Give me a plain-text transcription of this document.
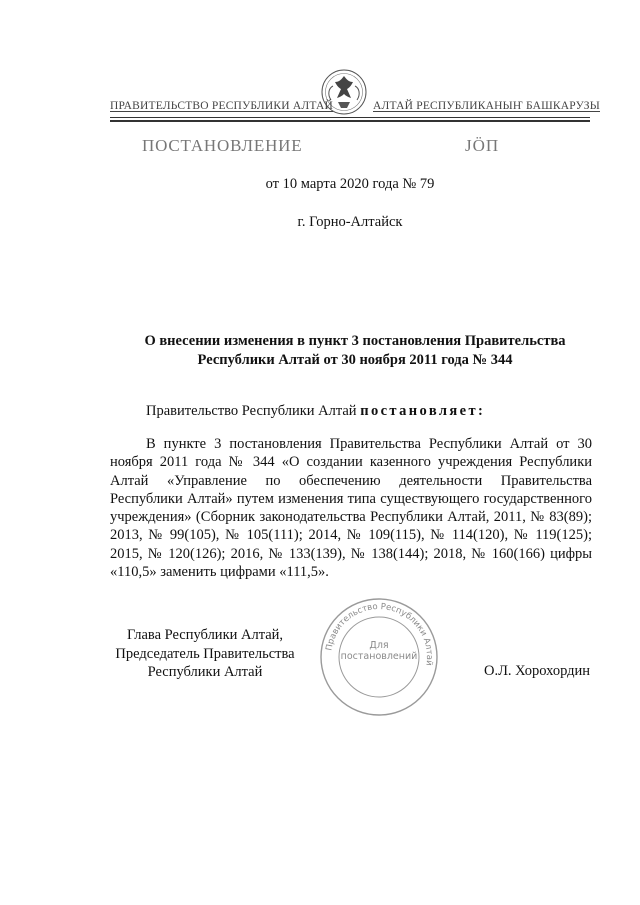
ПРАВИТЕЛЬСТВО РЕСПУБЛИКИ АЛТАЙ	АЛТАЙ РЕСПУБЛИКАНЫҤ БАШКАРУЗЫ
ПОСТАНОВЛЕНИЕ	ЈÖП
от 10 марта 2020 года № 79
г. Горно-Алтайск
О внесении изменения в пункт 3 постановления Правительства Республики Алтай от 30 ноября 2011 года № 344
Правительство Республики Алтай постановляет:
В пункте 3 постановления Правительства Республики Алтай от 30 ноября 2011 года № 344 «О создании казенного учреждения Республики Алтай «Управление по обеспечению деятельности Правительства Республики Алтай» путем изменения типа существующего государственного учреждения» (Сборник законодательства Республики Алтай, 2011, № 83(89); 2013, № 99(105), № 105(111); 2014, № 109(115), № 114(120), № 119(125); 2015, № 120(126); 2016, № 133(139), № 138(144); 2018, № 160(166) цифры «110,5» заменить цифрами «111,5».
Глава Республики Алтай,
Председатель Правительства
Республики Алтай	О.Л. Хорохордин
Правительство Республики Алтай
Для
постановлений
